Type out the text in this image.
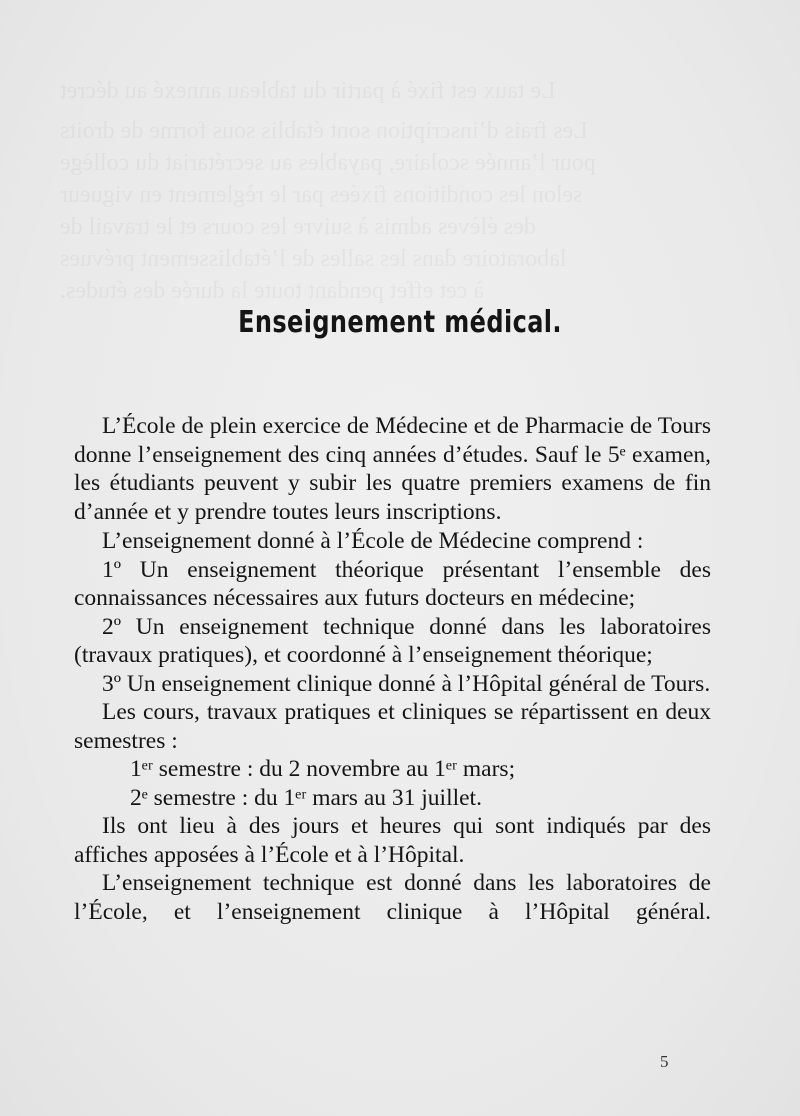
Enseignement médical.

L’École de plein exercice de Médecine et de Pharmacie de Tours donne l’enseignement des cinq années d’études. Sauf le 5ᵉ examen, les étudiants peuvent y subir les quatre premiers examens de fin d’année et y prendre toutes leurs inscriptions.

L’enseignement donné à l’École de Médecine comprend :

1º Un enseignement théorique présentant l’ensemble des connaissances nécessaires aux futurs docteurs en médecine;

2º Un enseignement technique donné dans les laboratoires (travaux pratiques), et coordonné à l’enseignement théorique;

3º Un enseignement clinique donné à l’Hôpital général de Tours.

Les cours, travaux pratiques et cliniques se répartissent en deux semestres :

1ᵉʳ semestre : du 2 novembre au 1ᵉʳ mars;

2ᵉ semestre : du 1ᵉʳ mars au 31 juillet.

Ils ont lieu à des jours et heures qui sont indiqués par des affiches apposées à l’École et à l’Hôpital.

L’enseignement technique est donné dans les laboratoires de l’École, et l’enseignement clinique à l’Hôpital général.

5
